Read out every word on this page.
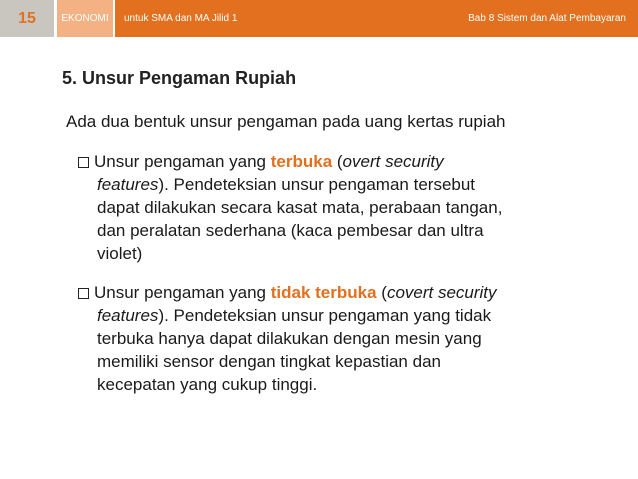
15	EKONOMI	untuk SMA dan MA Jilid 1	Bab 8 Sistem dan Alat Pembayaran
5. Unsur Pengaman Rupiah
Ada dua bentuk unsur pengaman pada uang kertas rupiah
Unsur pengaman yang terbuka (overt security
features). Pendeteksian unsur pengaman tersebut
dapat dilakukan secara kasat mata, perabaan tangan,
dan peralatan sederhana (kaca pembesar dan ultra
violet)
Unsur pengaman yang tidak terbuka (covert security
features). Pendeteksian unsur pengaman yang tidak
terbuka hanya dapat dilakukan dengan mesin yang
memiliki sensor dengan tingkat kepastian dan
kecepatan yang cukup tinggi.
